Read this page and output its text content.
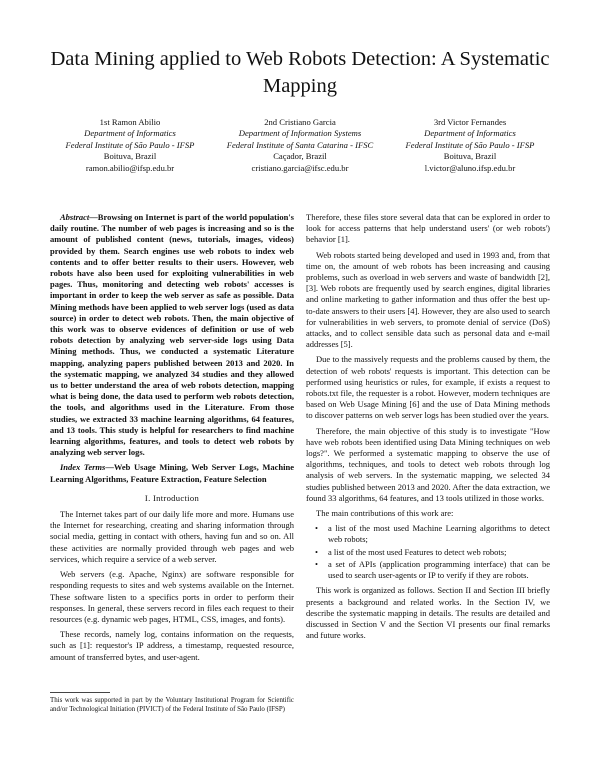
Data Mining applied to Web Robots Detection: A Systematic Mapping
1st Ramon Abilio
Department of Informatics
Federal Institute of São Paulo - IFSP
Boituva, Brazil
ramon.abilio@ifsp.edu.br
2nd Cristiano Garcia
Department of Information Systems
Federal Institute of Santa Catarina - IFSC
Caçador, Brazil
cristiano.garcia@ifsc.edu.br
3rd Victor Fernandes
Department of Informatics
Federal Institute of São Paulo - IFSP
Boituva, Brazil
l.victor@aluno.ifsp.edu.br

Abstract—Browsing on Internet is part of the world population's daily routine. The number of web pages is increasing and so is the amount of published content (news, tutorials, images, videos) provided by them. Search engines use web robots to index web contents and to offer better results to their users. However, web robots have also been used for exploiting vulnerabilities in web pages. Thus, monitoring and detecting web robots' accesses is important in order to keep the web server as safe as possible. Data Mining methods have been applied to web server logs (used as data source) in order to detect web robots. Then, the main objective of this work was to observe evidences of definition or use of web robots detection by analyzing web server-side logs using Data Mining methods. Thus, we conducted a systematic Literature mapping, analyzing papers published between 2013 and 2020. In the systematic mapping, we analyzed 34 studies and they allowed us to better understand the area of web robots detection, mapping what is being done, the data used to perform web robots detection, the tools, and algorithms used in the Literature. From those studies, we extracted 33 machine learning algorithms, 64 features, and 13 tools. This study is helpful for researchers to find machine learning algorithms, features, and tools to detect web robots by analyzing web server logs.

Index Terms—Web Usage Mining, Web Server Logs, Machine Learning Algorithms, Feature Extraction, Feature Selection

I. Introduction

The Internet takes part of our daily life more and more. Humans use the Internet for researching, creating and sharing information through social media, getting in contact with others, having fun and so on. All these activities are normally provided through web pages and web services, which require a service of a web server.

Web servers (e.g. Apache, Nginx) are software responsible for responding requests to sites and web systems available on the Internet. These software listen to a specifics ports in order to perform their responses. In general, these servers record in files each request to their resources (e.g. dynamic web pages, HTML, CSS, images, and fonts).

These records, namely log, contains information on the requests, such as [1]: requestor's IP address, a timestamp, requested resource, amount of transferred bytes, and user-agent.

This work was supported in part by the Voluntary Institutional Program for Scientific and/or Technological Initiation (PIVICT) of the Federal Institute of São Paulo (IFSP)

Therefore, these files store several data that can be explored in order to look for access patterns that help understand users' (or web robots') behavior [1].

Web robots started being developed and used in 1993 and, from that time on, the amount of web robots has been increasing and causing problems, such as overload in web servers and waste of bandwidth [2], [3]. Web robots are frequently used by search engines, digital libraries and online marketing to gather information and thus offer the best up-to-date answers to their users [4]. However, they are also used to search for vulnerabilities in web servers, to promote denial of service (DoS) attacks, and to collect sensible data such as personal data and e-mail addresses [5].

Due to the massively requests and the problems caused by them, the detection of web robots' requests is important. This detection can be performed using heuristics or rules, for example, if exists a request to robots.txt file, the requester is a robot. However, modern techniques are based on Web Usage Mining [6] and the use of Data Mining methods to discover patterns on web server logs has been studied over the years.

Therefore, the main objective of this study is to investigate "How have web robots been identified using Data Mining techniques on web logs?". We performed a systematic mapping to observe the use of algorithms, techniques, and tools to detect web robots through log analysis of web servers. In the systematic mapping, we selected 34 studies published between 2013 and 2020. After the data extraction, we found 33 algorithms, 64 features, and 13 tools utilized in those works.

The main contributions of this work are:

• a list of the most used Machine Learning algorithms to detect web robots;
• a list of the most used Features to detect web robots;
• a set of APIs (application programming interface) that can be used to search user-agents or IP to verify if they are robots.

This work is organized as follows. Section II and Section III briefly presents a background and related works. In the Section IV, we describe the systematic mapping in details. The results are detailed and discussed in Section V and the Section VI presents our final remarks and future works.
